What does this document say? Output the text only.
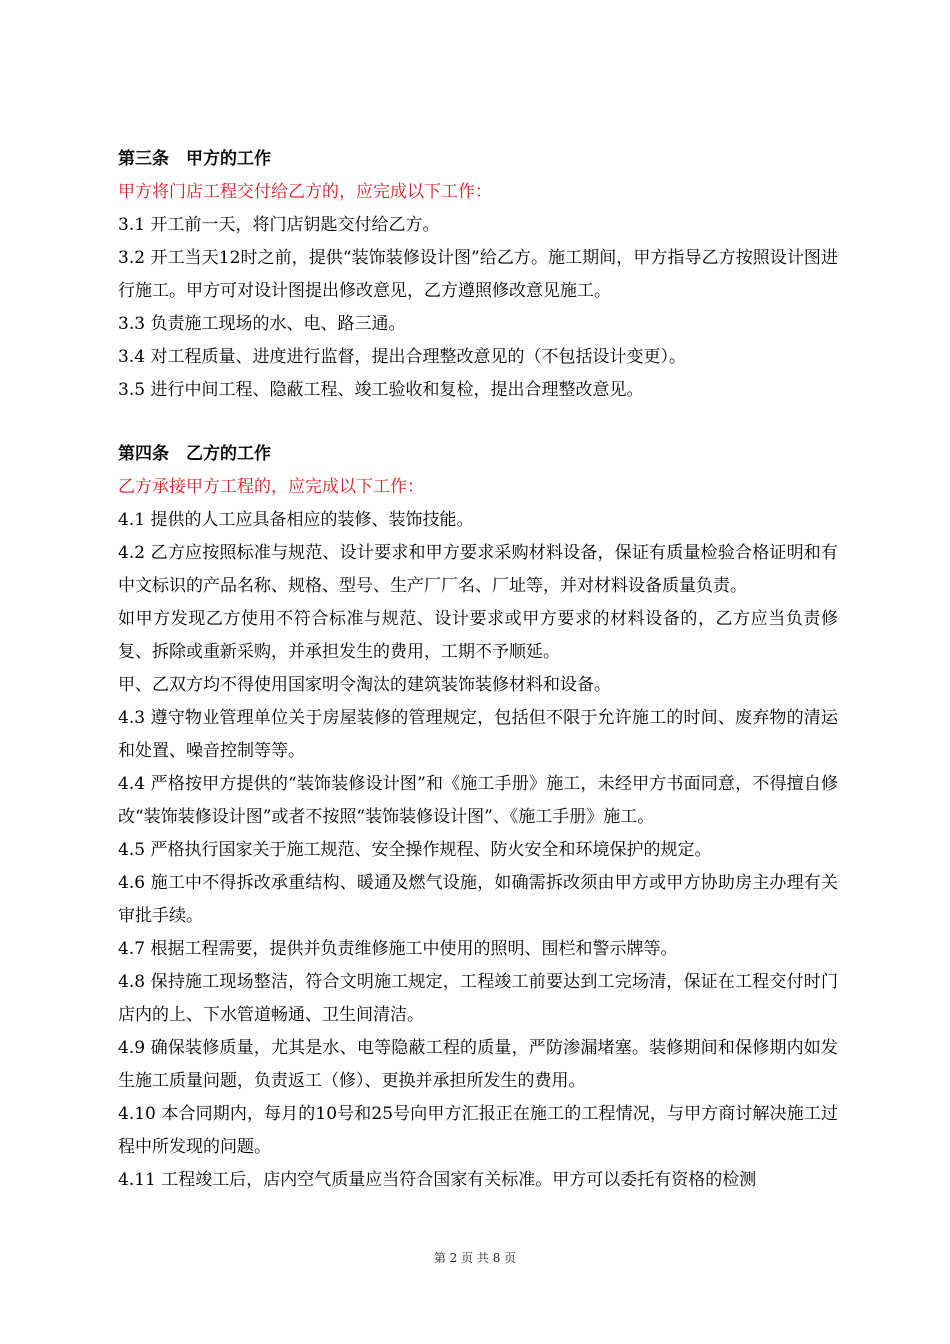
第三条　甲方的工作
甲方将门店工程交付给乙方的，应完成以下工作：
3.1 开工前一天，将门店钥匙交付给乙方。
3.2 开工当天12时之前，提供“装饰装修设计图”给乙方。施工期间，甲方指导乙方按照设计图进行施工。甲方可对设计图提出修改意见，乙方遵照修改意见施工。
3.3 负责施工现场的水、电、路三通。
3.4 对工程质量、进度进行监督，提出合理整改意见的（不包括设计变更）。
3.5 进行中间工程、隐蔽工程、竣工验收和复检，提出合理整改意见。
第四条　乙方的工作
乙方承接甲方工程的，应完成以下工作：
4.1 提供的人工应具备相应的装修、装饰技能。
4.2 乙方应按照标准与规范、设计要求和甲方要求采购材料设备，保证有质量检验合格证明和有中文标识的产品名称、规格、型号、生产厂厂名、厂址等，并对材料设备质量负责。
如甲方发现乙方使用不符合标准与规范、设计要求或甲方要求的材料设备的，乙方应当负责修复、拆除或重新采购，并承担发生的费用，工期不予顺延。
甲、乙双方均不得使用国家明令淘汰的建筑装饰装修材料和设备。
4.3 遵守物业管理单位关于房屋装修的管理规定，包括但不限于允许施工的时间、废弃物的清运和处置、噪音控制等等。
4.4 严格按甲方提供的“装饰装修设计图”和《施工手册》施工，未经甲方书面同意，不得擅自修改“装饰装修设计图”或者不按照“装饰装修设计图”、《施工手册》施工。
4.5 严格执行国家关于施工规范、安全操作规程、防火安全和环境保护的规定。
4.6 施工中不得拆改承重结构、暖通及燃气设施，如确需拆改须由甲方或甲方协助房主办理有关审批手续。
4.7 根据工程需要，提供并负责维修施工中使用的照明、围栏和警示牌等。
4.8 保持施工现场整洁，符合文明施工规定，工程竣工前要达到工完场清，保证在工程交付时门店内的上、下水管道畅通、卫生间清洁。
4.9 确保装修质量，尤其是水、电等隐蔽工程的质量，严防渗漏堵塞。装修期间和保修期内如发生施工质量问题，负责返工（修）、更换并承担所发生的费用。
4.10 本合同期内，每月的10号和25号向甲方汇报正在施工的工程情况，与甲方商讨解决施工过程中所发现的问题。
4.11 工程竣工后，店内空气质量应当符合国家有关标准。甲方可以委托有资格的检测
第 2 页 共 8 页
